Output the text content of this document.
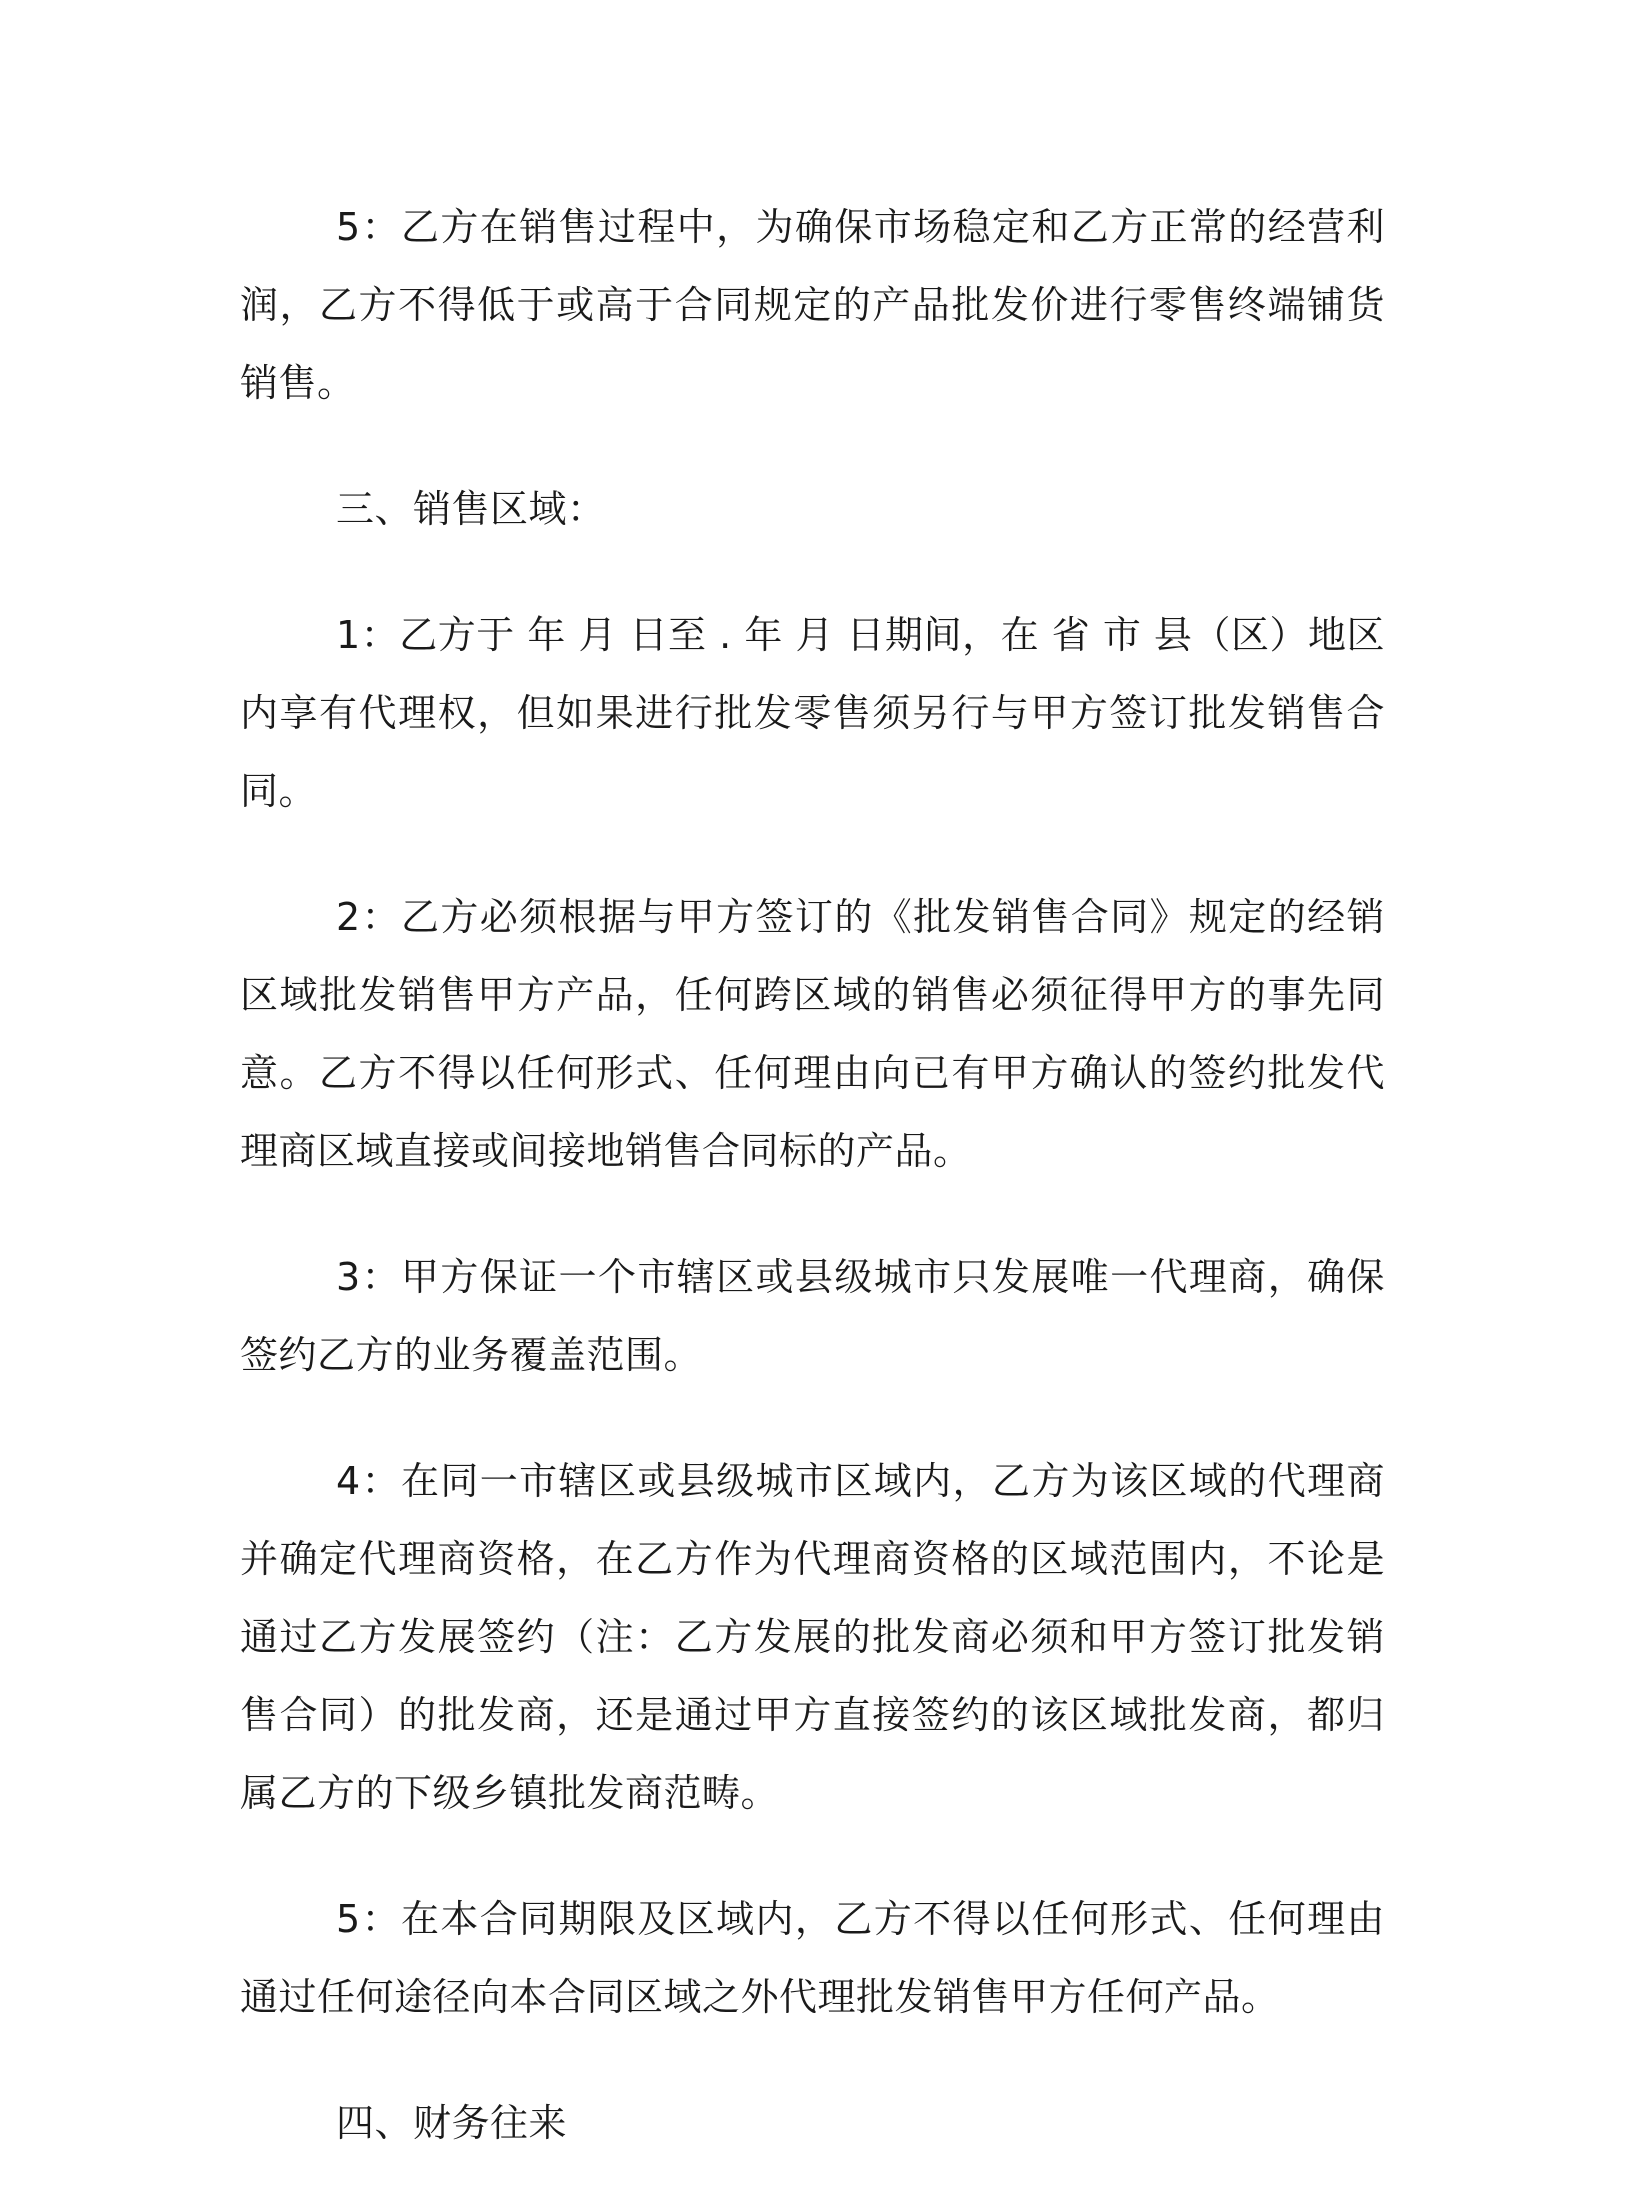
5：乙方在销售过程中，为确保市场稳定和乙方正常的经营利润，乙方不得低于或高于合同规定的产品批发价进行零售终端铺货销售。

三、销售区域：

1：乙方于 年 月 日至 . 年 月 日期间，在 省 市 县（区）地区内享有代理权，但如果进行批发零售须另行与甲方签订批发销售合同。

2：乙方必须根据与甲方签订的《批发销售合同》规定的经销区域批发销售甲方产品，任何跨区域的销售必须征得甲方的事先同意。乙方不得以任何形式、任何理由向已有甲方确认的签约批发代理商区域直接或间接地销售合同标的产品。

3：甲方保证一个市辖区或县级城市只发展唯一代理商，确保签约乙方的业务覆盖范围。

4：在同一市辖区或县级城市区域内，乙方为该区域的代理商并确定代理商资格，在乙方作为代理商资格的区域范围内，不论是通过乙方发展签约（注：乙方发展的批发商必须和甲方签订批发销售合同）的批发商，还是通过甲方直接签约的该区域批发商，都归属乙方的下级乡镇批发商范畴。

5：在本合同期限及区域内，乙方不得以任何形式、任何理由通过任何途径向本合同区域之外代理批发销售甲方任何产品。

四、财务往来
